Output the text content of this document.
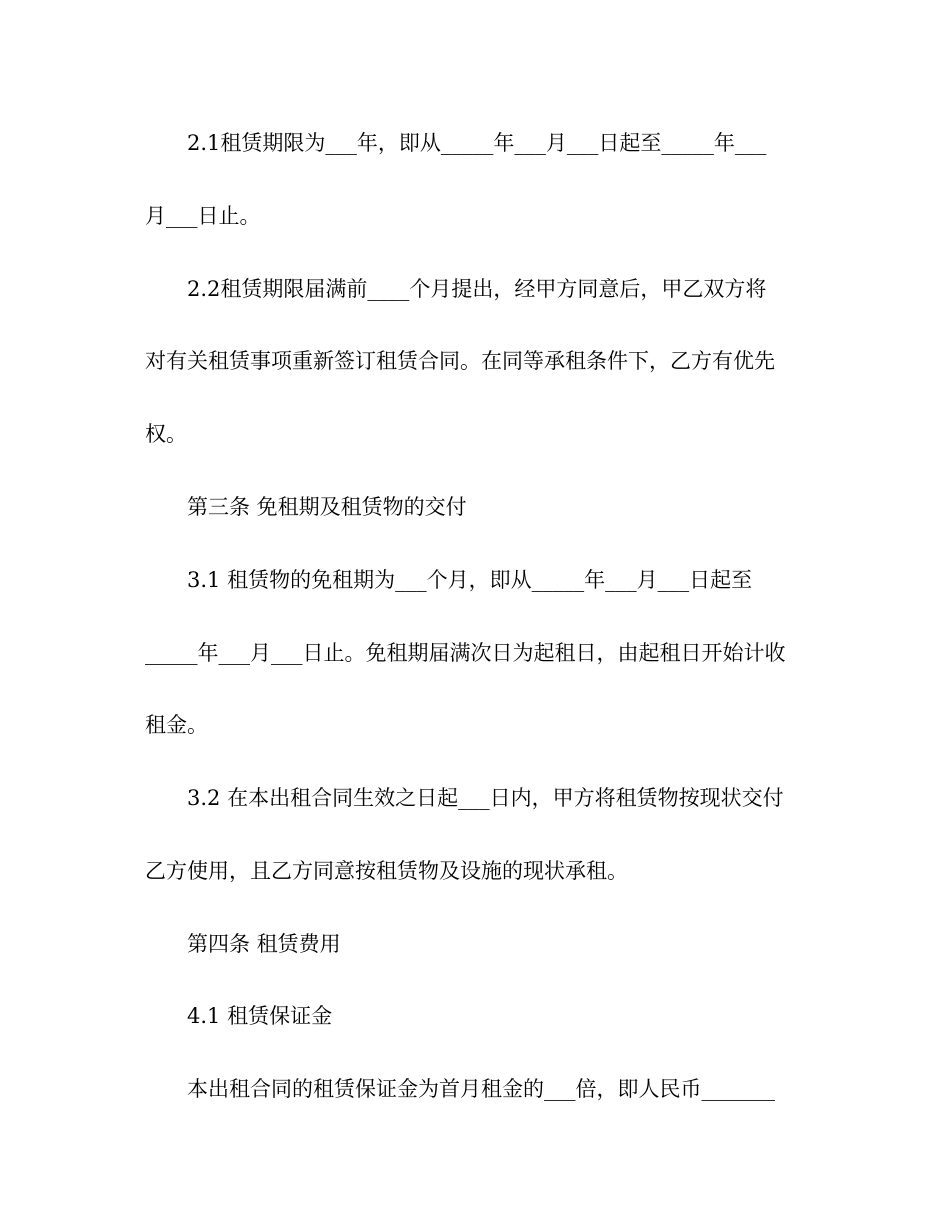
2.1租赁期限为___年，即从_____年___月___日起至_____年___
月___日止。
2.2租赁期限届满前____个月提出，经甲方同意后，甲乙双方将
对有关租赁事项重新签订租赁合同。在同等承租条件下，乙方有优先
权。
第三条 免租期及租赁物的交付
3.1 租赁物的免租期为___个月，即从_____年___月___日起至
_____年___月___日止。免租期届满次日为起租日，由起租日开始计收
租金。
3.2 在本出租合同生效之日起___日内，甲方将租赁物按现状交付
乙方使用，且乙方同意按租赁物及设施的现状承租。
第四条 租赁费用
4.1 租赁保证金
本出租合同的租赁保证金为首月租金的___倍，即人民币_______
